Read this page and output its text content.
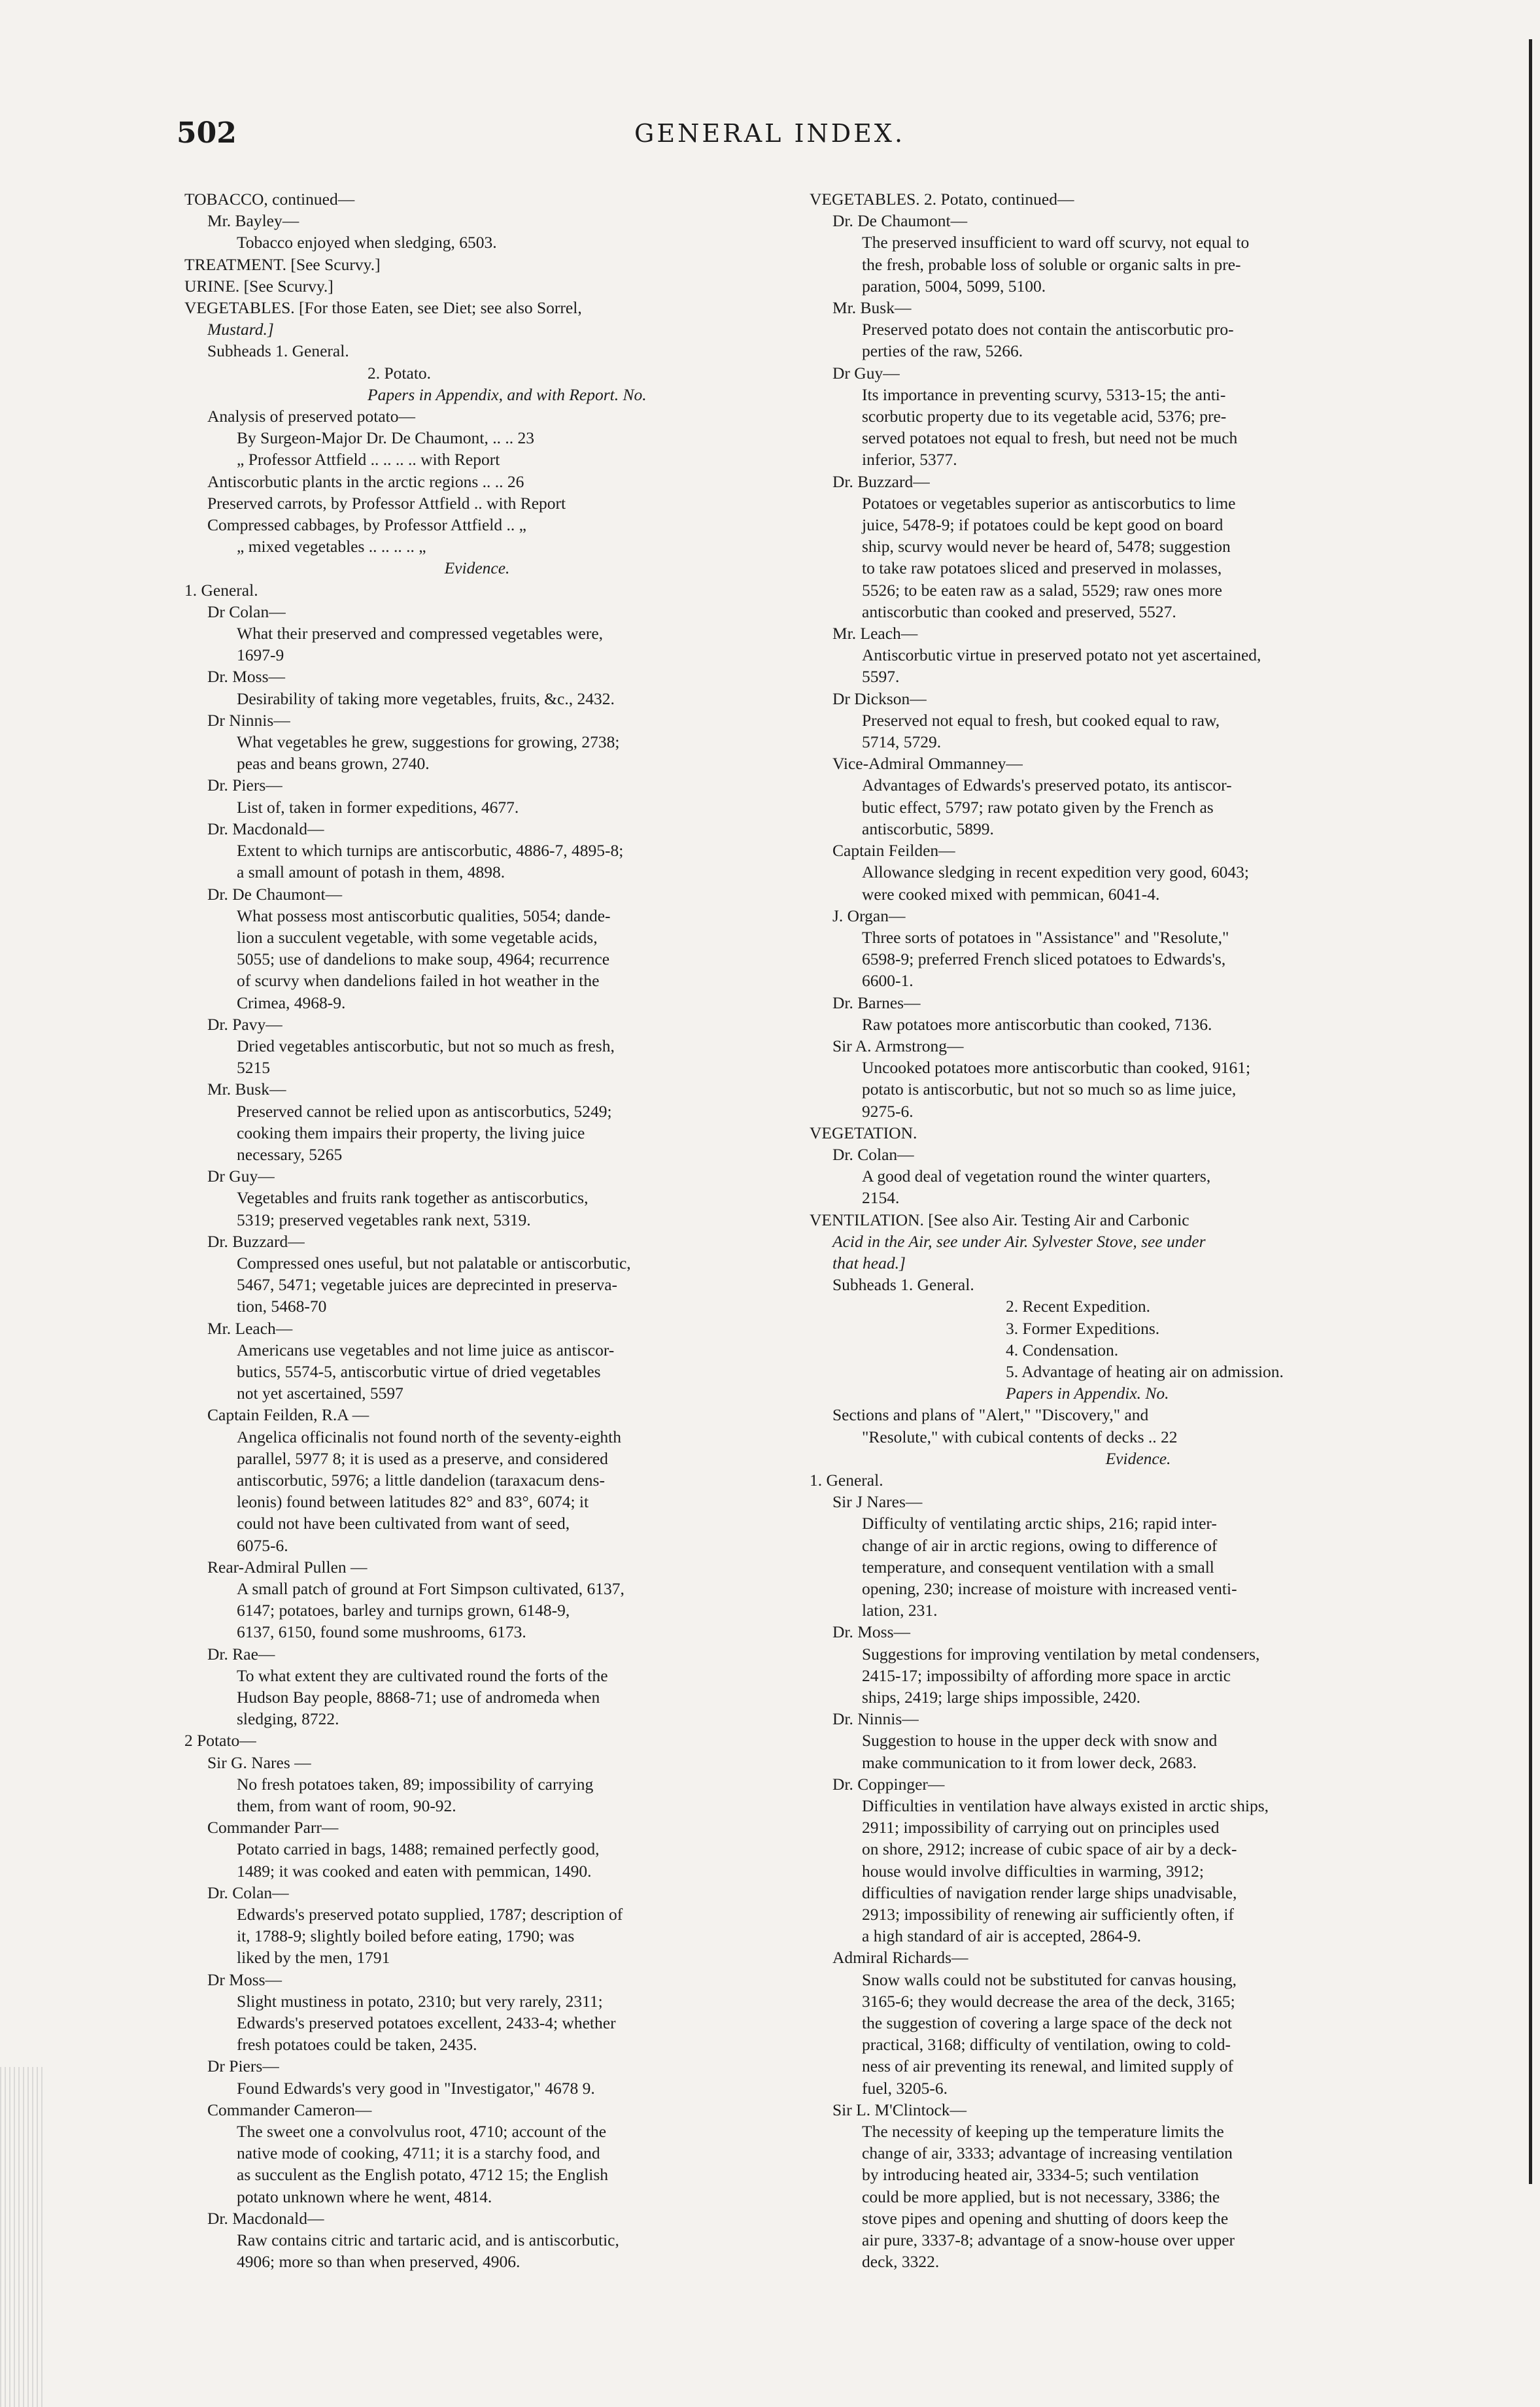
502	GENERAL INDEX.
TOBACCO, continued—
Mr. Bayley—
Tobacco enjoyed when sledging, 6503.
TREATMENT. [See Scurvy.]
URINE. [See Scurvy.]
VEGETABLES. [For those Eaten, see Diet; see also Sorrel,
Mustard.]
Subheads 1. General.
2. Potato.
Papers in Appendix, and with Report. No.
Analysis of preserved potato—
By Surgeon-Major Dr. De Chaumont, .. .. 23
„ Professor Attfield .. .. .. .. with Report
Antiscorbutic plants in the arctic regions .. .. 26
Preserved carrots, by Professor Attfield .. with Report
Compressed cabbages, by Professor Attfield .. „
„ mixed vegetables .. .. .. .. „
Evidence.
1. General.
Dr Colan—
What their preserved and compressed vegetables were,
1697-9
Dr. Moss—
Desirability of taking more vegetables, fruits, &c., 2432.
Dr Ninnis—
What vegetables he grew, suggestions for growing, 2738;
peas and beans grown, 2740.
Dr. Piers—
List of, taken in former expeditions, 4677.
Dr. Macdonald—
Extent to which turnips are antiscorbutic, 4886-7, 4895-8;
a small amount of potash in them, 4898.
Dr. De Chaumont—
What possess most antiscorbutic qualities, 5054; dande-
lion a succulent vegetable, with some vegetable acids,
5055; use of dandelions to make soup, 4964; recurrence
of scurvy when dandelions failed in hot weather in the
Crimea, 4968-9.
Dr. Pavy—
Dried vegetables antiscorbutic, but not so much as fresh,
5215
Mr. Busk—
Preserved cannot be relied upon as antiscorbutics, 5249;
cooking them impairs their property, the living juice
necessary, 5265
Dr Guy—
Vegetables and fruits rank together as antiscorbutics,
5319; preserved vegetables rank next, 5319.
Dr. Buzzard—
Compressed ones useful, but not palatable or antiscorbutic,
5467, 5471; vegetable juices are deprecinted in preserva-
tion, 5468-70
Mr. Leach—
Americans use vegetables and not lime juice as antiscor-
butics, 5574-5, antiscorbutic virtue of dried vegetables
not yet ascertained, 5597
Captain Feilden, R.A —
Angelica officinalis not found north of the seventy-eighth
parallel, 5977 8; it is used as a preserve, and considered
antiscorbutic, 5976; a little dandelion (taraxacum dens-
leonis) found between latitudes 82° and 83°, 6074; it
could not have been cultivated from want of seed,
6075-6.
Rear-Admiral Pullen —
A small patch of ground at Fort Simpson cultivated, 6137,
6147; potatoes, barley and turnips grown, 6148-9,
6137, 6150, found some mushrooms, 6173.
Dr. Rae—
To what extent they are cultivated round the forts of the
Hudson Bay people, 8868-71; use of andromeda when
sledging, 8722.
2 Potato—
Sir G. Nares —
No fresh potatoes taken, 89; impossibility of carrying
them, from want of room, 90-92.
Commander Parr—
Potato carried in bags, 1488; remained perfectly good,
1489; it was cooked and eaten with pemmican, 1490.
Dr. Colan—
Edwards's preserved potato supplied, 1787; description of
it, 1788-9; slightly boiled before eating, 1790; was
liked by the men, 1791
Dr Moss—
Slight mustiness in potato, 2310; but very rarely, 2311;
Edwards's preserved potatoes excellent, 2433-4; whether
fresh potatoes could be taken, 2435.
Dr Piers—
Found Edwards's very good in "Investigator," 4678 9.
Commander Cameron—
The sweet one a convolvulus root, 4710; account of the
native mode of cooking, 4711; it is a starchy food, and
as succulent as the English potato, 4712 15; the English
potato unknown where he went, 4814.
Dr. Macdonald—
Raw contains citric and tartaric acid, and is antiscorbutic,
4906; more so than when preserved, 4906.
VEGETABLES. 2. Potato, continued—
Dr. De Chaumont—
The preserved insufficient to ward off scurvy, not equal to
the fresh, probable loss of soluble or organic salts in pre-
paration, 5004, 5099, 5100.
Mr. Busk—
Preserved potato does not contain the antiscorbutic pro-
perties of the raw, 5266.
Dr Guy—
Its importance in preventing scurvy, 5313-15; the anti-
scorbutic property due to its vegetable acid, 5376; pre-
served potatoes not equal to fresh, but need not be much
inferior, 5377.
Dr. Buzzard—
Potatoes or vegetables superior as antiscorbutics to lime
juice, 5478-9; if potatoes could be kept good on board
ship, scurvy would never be heard of, 5478; suggestion
to take raw potatoes sliced and preserved in molasses,
5526; to be eaten raw as a salad, 5529; raw ones more
antiscorbutic than cooked and preserved, 5527.
Mr. Leach—
Antiscorbutic virtue in preserved potato not yet ascertained,
5597.
Dr Dickson—
Preserved not equal to fresh, but cooked equal to raw,
5714, 5729.
Vice-Admiral Ommanney—
Advantages of Edwards's preserved potato, its antiscor-
butic effect, 5797; raw potato given by the French as
antiscorbutic, 5899.
Captain Feilden—
Allowance sledging in recent expedition very good, 6043;
were cooked mixed with pemmican, 6041-4.
J. Organ—
Three sorts of potatoes in "Assistance" and "Resolute,"
6598-9; preferred French sliced potatoes to Edwards's,
6600-1.
Dr. Barnes—
Raw potatoes more antiscorbutic than cooked, 7136.
Sir A. Armstrong—
Uncooked potatoes more antiscorbutic than cooked, 9161;
potato is antiscorbutic, but not so much so as lime juice,
9275-6.
VEGETATION.
Dr. Colan—
A good deal of vegetation round the winter quarters,
2154.
VENTILATION. [See also Air. Testing Air and Carbonic
Acid in the Air, see under Air. Sylvester Stove, see under
that head.]
Subheads 1. General.
2. Recent Expedition.
3. Former Expeditions.
4. Condensation.
5. Advantage of heating air on admission.
Papers in Appendix. No.
Sections and plans of "Alert," "Discovery," and
"Resolute," with cubical contents of decks .. 22
Evidence.
1. General.
Sir J Nares—
Difficulty of ventilating arctic ships, 216; rapid inter-
change of air in arctic regions, owing to difference of
temperature, and consequent ventilation with a small
opening, 230; increase of moisture with increased venti-
lation, 231.
Dr. Moss—
Suggestions for improving ventilation by metal condensers,
2415-17; impossibilty of affording more space in arctic
ships, 2419; large ships impossible, 2420.
Dr. Ninnis—
Suggestion to house in the upper deck with snow and
make communication to it from lower deck, 2683.
Dr. Coppinger—
Difficulties in ventilation have always existed in arctic ships,
2911; impossibility of carrying out on principles used
on shore, 2912; increase of cubic space of air by a deck-
house would involve difficulties in warming, 3912;
difficulties of navigation render large ships unadvisable,
2913; impossibility of renewing air sufficiently often, if
a high standard of air is accepted, 2864-9.
Admiral Richards—
Snow walls could not be substituted for canvas housing,
3165-6; they would decrease the area of the deck, 3165;
the suggestion of covering a large space of the deck not
practical, 3168; difficulty of ventilation, owing to cold-
ness of air preventing its renewal, and limited supply of
fuel, 3205-6.
Sir L. M'Clintock—
The necessity of keeping up the temperature limits the
change of air, 3333; advantage of increasing ventilation
by introducing heated air, 3334-5; such ventilation
could be more applied, but is not necessary, 3386; the
stove pipes and opening and shutting of doors keep the
air pure, 3337-8; advantage of a snow-house over upper
deck, 3322.
